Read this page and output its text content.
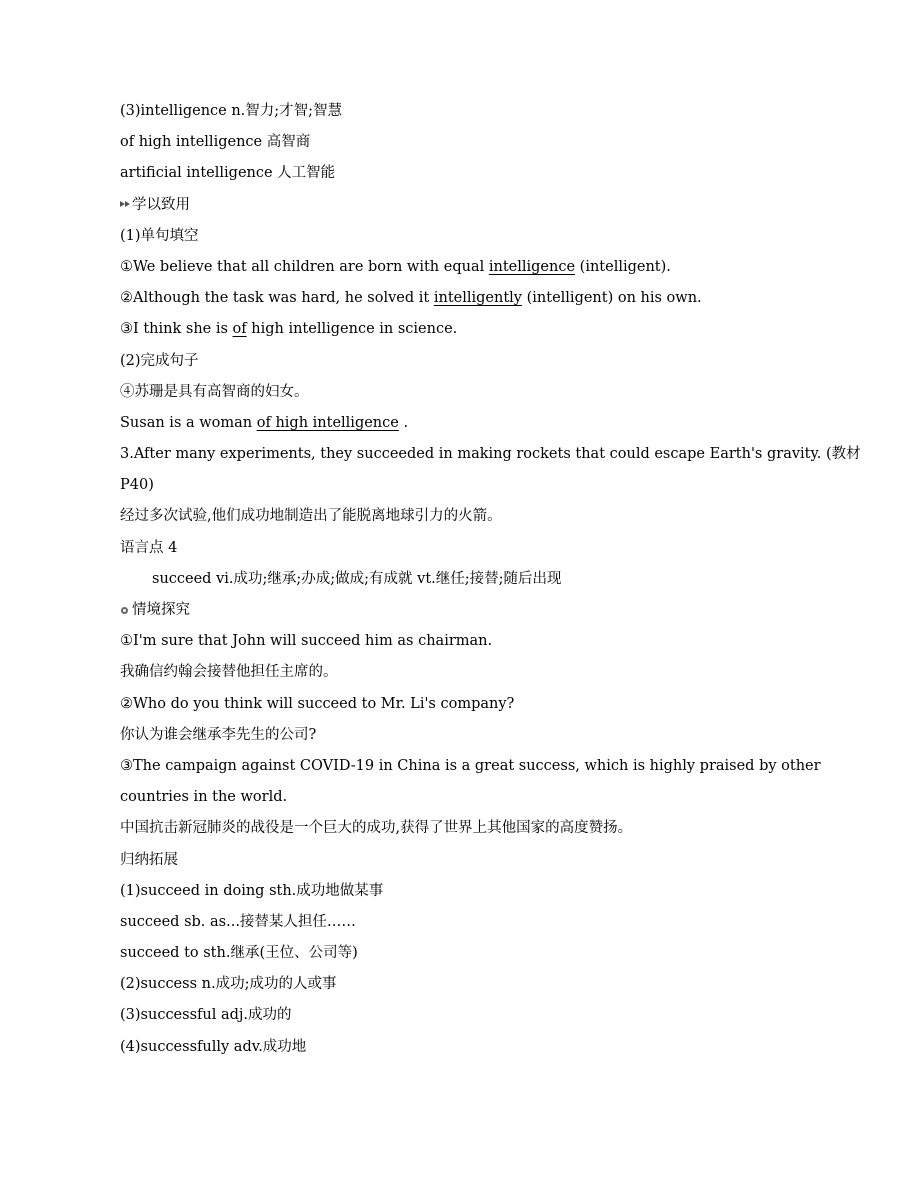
(3)intelligence n.智力;才智;智慧
of high intelligence 高智商
artificial intelligence 人工智能
学以致用
(1)单句填空
①We believe that all children are born with equal intelligence (intelligent).
②Although the task was hard, he solved it intelligently (intelligent) on his own.
③I think she is of high intelligence in science.
(2)完成句子
④苏珊是具有高智商的妇女。
Susan is a woman of high intelligence .
3.After many experiments, they succeeded in making rockets that could escape Earth's gravity. (教材
P40)
经过多次试验,他们成功地制造出了能脱离地球引力的火箭。
语言点 4
succeed vi.成功;继承;办成;做成;有成就 vt.继任;接替;随后出现
情境探究
①I'm sure that John will succeed him as chairman.
我确信约翰会接替他担任主席的。
②Who do you think will succeed to Mr. Li's company?
你认为谁会继承李先生的公司?
③The campaign against COVID-19 in China is a great success, which is highly praised by other
countries in the world.
中国抗击新冠肺炎的战役是一个巨大的成功,获得了世界上其他国家的高度赞扬。
归纳拓展
(1)succeed in doing sth.成功地做某事
succeed sb. as...接替某人担任……
succeed to sth.继承(王位、公司等)
(2)success n.成功;成功的人或事
(3)successful adj.成功的
(4)successfully adv.成功地
